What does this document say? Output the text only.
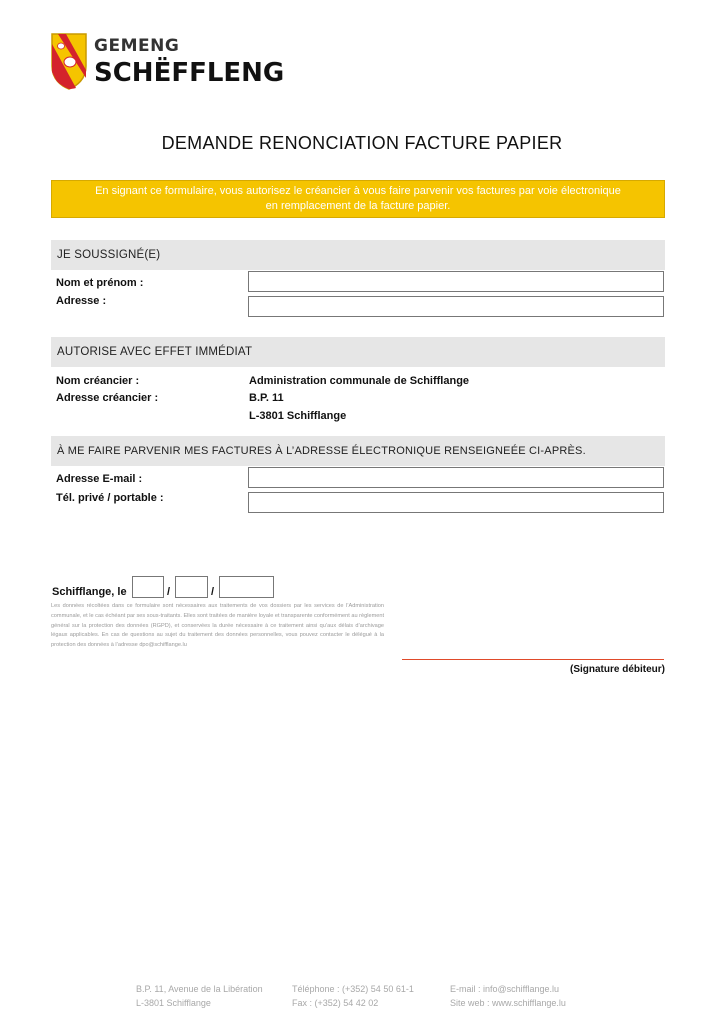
GEMENG
SCHËFFLENG
DEMANDE RENONCIATION FACTURE PAPIER
En signant ce formulaire, vous autorisez le créancier à vous faire parvenir vos factures par voie électronique
en remplacement de la facture papier.
JE SOUSSIGNÉ(E)
Nom et prénom :
Adresse :
AUTORISE AVEC EFFET IMMÉDIAT
Nom créancier :	Administration communale de Schifflange
Adresse créancier :	B.P. 11
L-3801 Schifflange
À ME FAIRE PARVENIR MES FACTURES À L’ADRESSE ÉLECTRONIQUE RENSEIGNEÉE CI-APRÈS.
Adresse E-mail :
Tél. privé / portable :
Schifflange, le	/	/
Les données récoltées dans ce formulaire sont nécessaires aux traitements de vos dossiers par les services de l’Administration communale, et le cas échéant par ses sous-traitants. Elles sont traitées de manière loyale et transparente conformément au règlement général sur la protection des données (RGPD), et conservées la durée nécessaire à ce traitement ainsi qu’aux délais d’archivage légaux applicables. En cas de questions au sujet du traitement des données personnelles, vous pouvez contacter le délégué à la protection des données à l’adresse dpo@schifflange.lu
(Signature débiteur)
B.P. 11, Avenue de la Libération
L-3801 Schifflange
Téléphone : (+352) 54 50 61-1
Fax : (+352) 54 42 02
E-mail : info@schifflange.lu
Site web : www.schifflange.lu
